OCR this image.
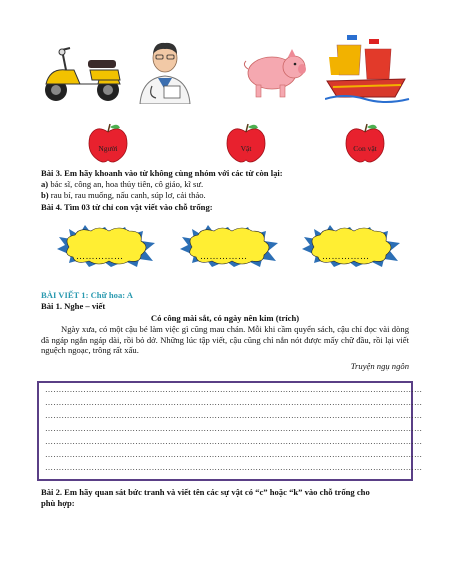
Người	Vật	Con vật
Bài 3. Em hãy khoanh vào từ không cùng nhóm với các từ còn lại:
a) bác sĩ, công an, hoa thủy tiên, cô giáo, kĩ sư.
b) rau bí, rau muống, nấu canh, súp lơ, cải thảo.
Bài 4. Tìm 03 từ chỉ con vật viết vào chỗ trống:
……………	……………	……………
BÀI VIẾT 1: Chữ hoa: A
Bài 1. Nghe – viết
Có công mài sắt, có ngày nên kim (trích)
Ngày xưa, có một cậu bé làm việc gì cũng mau chán. Mỗi khi cầm quyển sách, cậu chỉ đọc vài dòng đã ngáp ngắn ngáp dài, rồi bỏ dở. Những lúc tập viết, cậu cũng chỉ nắn nót được mấy chữ đầu, rồi lại viết nguệch ngoạc, trông rất xấu.
Truyện ngụ ngôn
…………………………………………………………………………………………………………………………
…………………………………………………………………………………………………………………………
…………………………………………………………………………………………………………………………
…………………………………………………………………………………………………………………………
…………………………………………………………………………………………………………………………
…………………………………………………………………………………………………………………………
…………………………………………………………………………………………………………………………
Bài 2. Em hãy quan sát bức tranh và viết tên các sự vật có “c” hoặc “k” vào chỗ trống cho
phù hợp:
